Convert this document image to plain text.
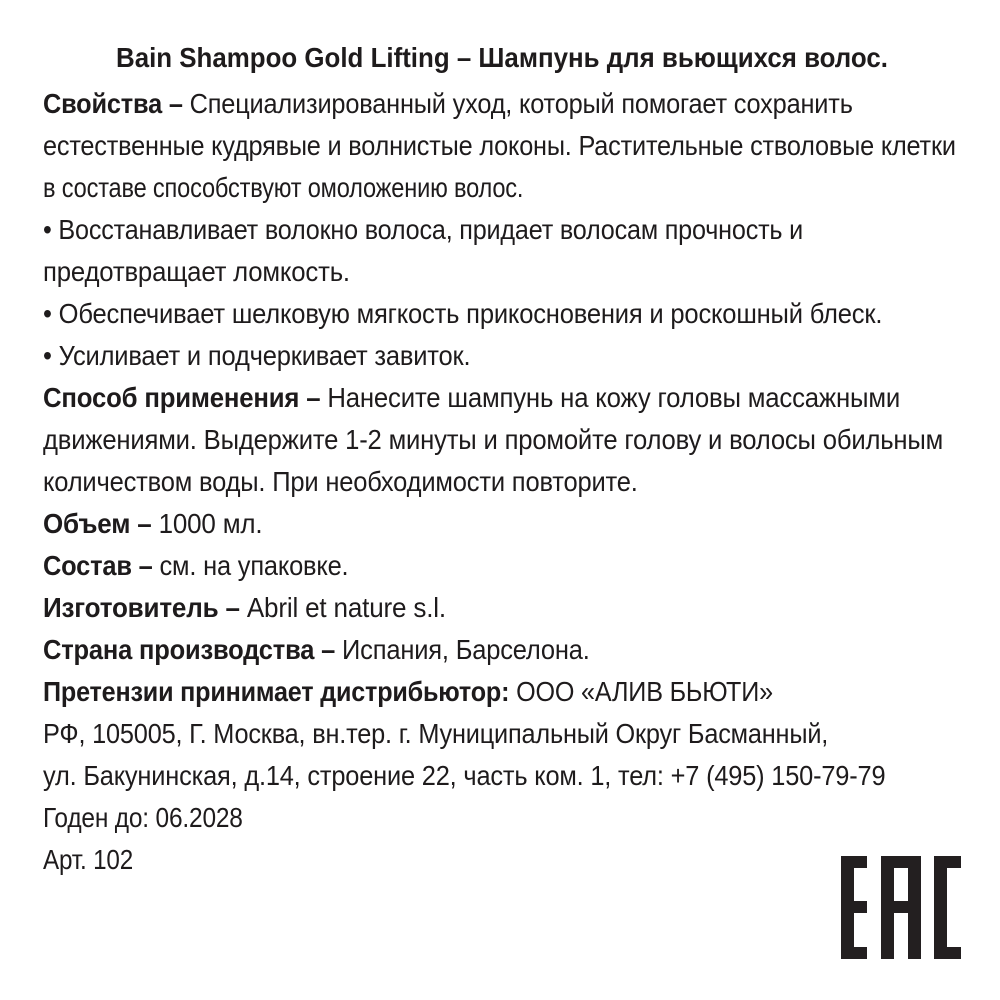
Bain Shampoo Gold Lifting – Шампунь для вьющихся волос.
Свойства – Специализированный уход, который помогает сохранить
естественные кудрявые и волнистые локоны. Растительные стволовые клетки
в составе способствуют омоложению волос.
• Восстанавливает волокно волоса, придает волосам прочность и
предотвращает ломкость.
• Обеспечивает шелковую мягкость прикосновения и роскошный блеск.
• Усиливает и подчеркивает завиток.
Способ применения – Нанесите шампунь на кожу головы массажными
движениями. Выдержите 1-2 минуты и промойте голову и волосы обильным
количеством воды. При необходимости повторите.
Объем – 1000 мл.
Состав – см. на упаковке.
Изготовитель – Abril et nature s.l.
Страна производства – Испания, Барселона.
Претензии принимает дистрибьютор: ООО «АЛИВ БЬЮТИ»
РФ, 105005, Г. Москва, вн.тер. г. Муниципальный Округ Басманный,
ул. Бакунинская, д.14, строение 22, часть ком. 1, тел: +7 (495) 150-79-79
Годен до: 06.2028
Арт. 102
